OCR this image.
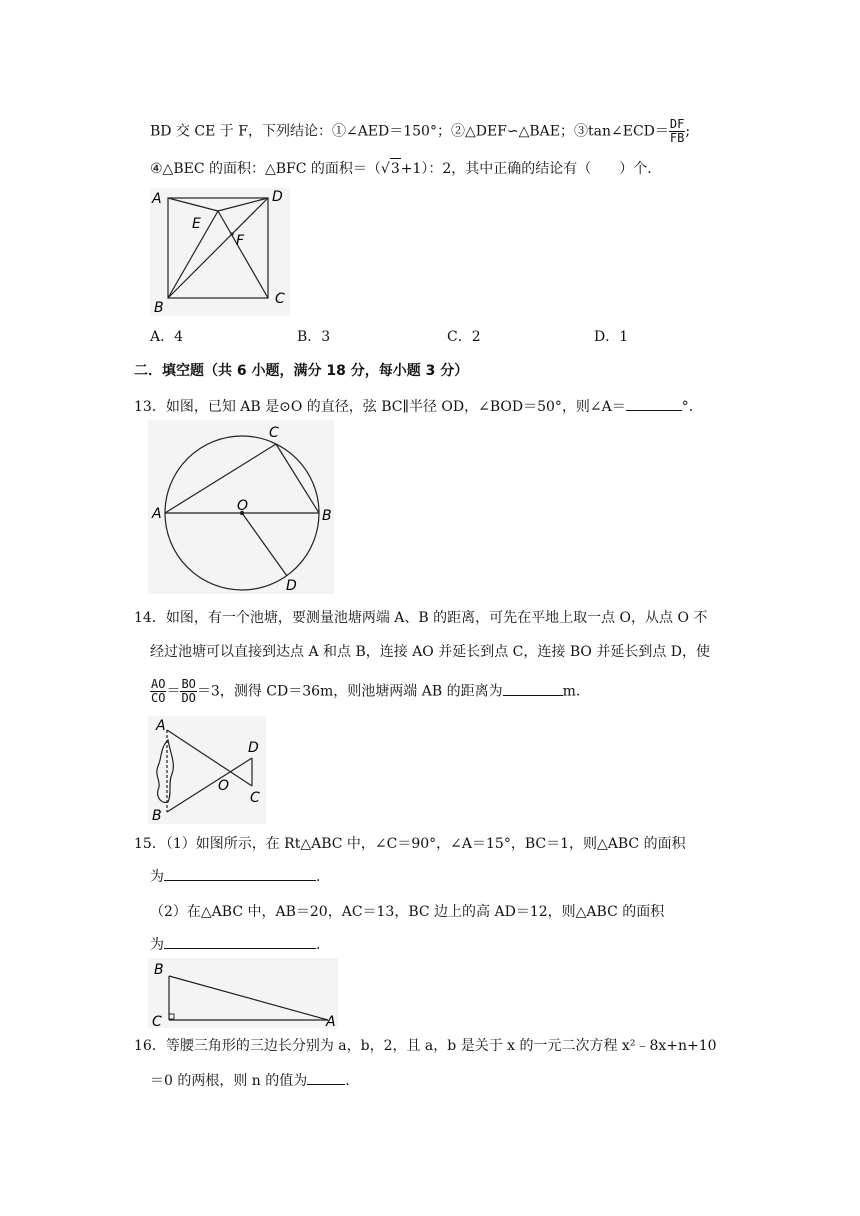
BD 交 CE 于 F，下列结论：①∠AED＝150°；②△DEF∽△BAE；③tan∠ECD＝ $\frac{DF}{FB}$ ;
④△BEC 的面积：△BFC 的面积＝（√3+1）：2，其中正确的结论有（　　）个.
A	D
E
F
B
C
A．4	B．3	C．2	D．1
二．填空题（共 6 小题，满分 18 分，每小题 3 分）
13．如图，已知 AB 是⊙O 的直径，弦 BC∥半径 OD，∠BOD＝50°，则∠A＝	°．
C
A	O
B
D
14．如图，有一个池塘，要测量池塘两端 A、B 的距离，可先在平地上取一点 O，从点 O 不
经过池塘可以直接到达点 A 和点 B，连接 AO 并延长到点 C，连接 BO 并延长到点 D，使
$\frac{AO}{CO} = \frac{BO}{DO} =3$，测得 CD＝36m，则池塘两端 AB 的距离为	m.
A
D
O
B
C
15．（1）如图所示，在 Rt△ABC 中，∠C＝90°，∠A＝15°，BC＝1，则△ABC 的面积
为	.
（2）在△ABC 中，AB＝20，AC＝13，BC 边上的高 AD＝12，则△ABC 的面积
为	.
B
C	A
16．等腰三角形的三边长分别为 a，b，2，且 a，b 是关于 x 的一元二次方程 x²﹣8x+n+10
＝0 的两根，则 n 的值为	.
